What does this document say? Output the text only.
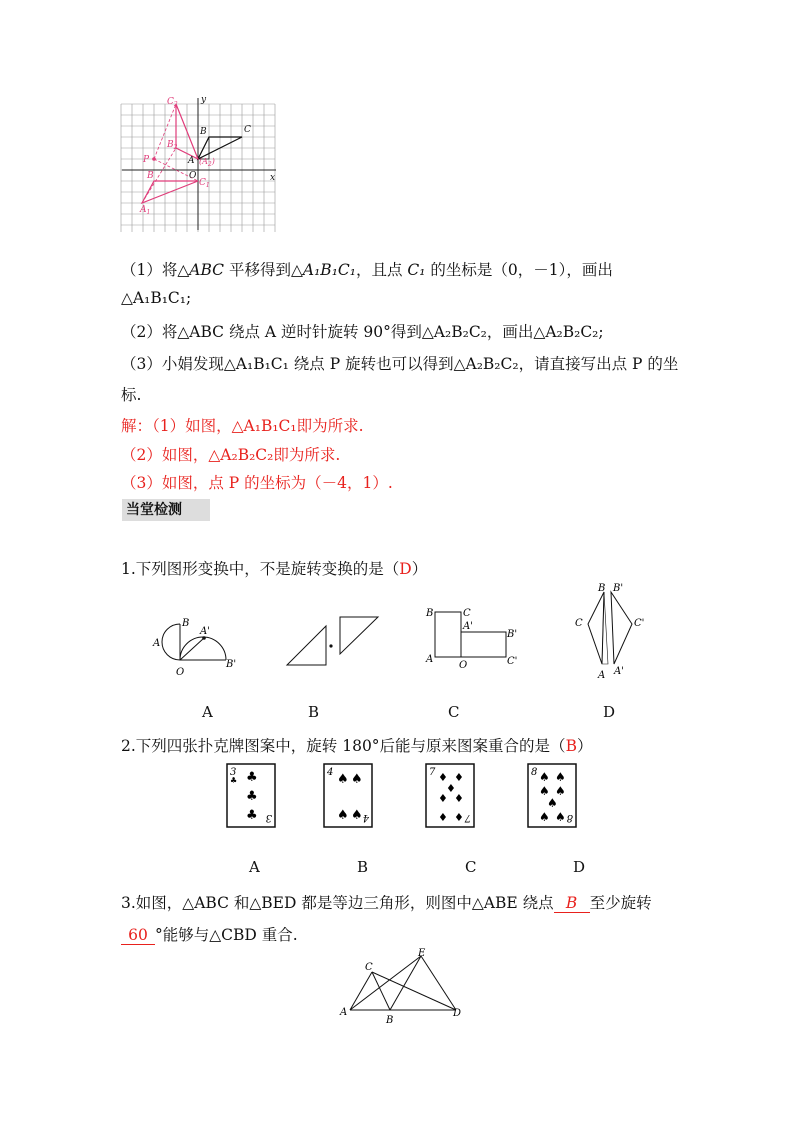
$C_2$
$B_2$
P
B
$A_1$
$(A_2)$
B	C
A
O
$C_1$
x
y
（1）将△ABC 平移得到△A₁B₁C₁，且点 C₁ 的坐标是（0，－1），画出
△A₁B₁C₁;
（2）将△ABC 绕点 A 逆时针旋转 90°得到△A₂B₂C₂，画出△A₂B₂C₂;
（3）小娟发现△A₁B₁C₁ 绕点 P 旋转也可以得到△A₂B₂C₂，请直接写出点 P 的坐
标.
解：（1）如图，△A₁B₁C₁即为所求.
（2）如图，△A₂B₂C₂即为所求.
（3）如图，点 P 的坐标为（－4，1）.
当堂检测
1.下列图形变换中，不是旋转变换的是（D）
B
A
A'
O
B'
B	C
A'
B'
A
O	C'
B B'
C	C'
A A'
A	B	C	D
2.下列四张扑克牌图案中，旋转 180°后能与原来图案重合的是（B）
3
♣ ♣
♣
♣ 3
4 ♠ ♠
♠ ♠ 4
7 ♦ ♦
♦
♦ ♦
♦ ♦ 7
8 ♠ ♠
♠ ♠
♠
♠ ♠ 8
A	B	C	D
3.如图，△ABC 和△BED 都是等边三角形，则图中△ABE 绕点 B 至少旋转
60 °能够与△CBD 重合.
C
E
A
B
D
